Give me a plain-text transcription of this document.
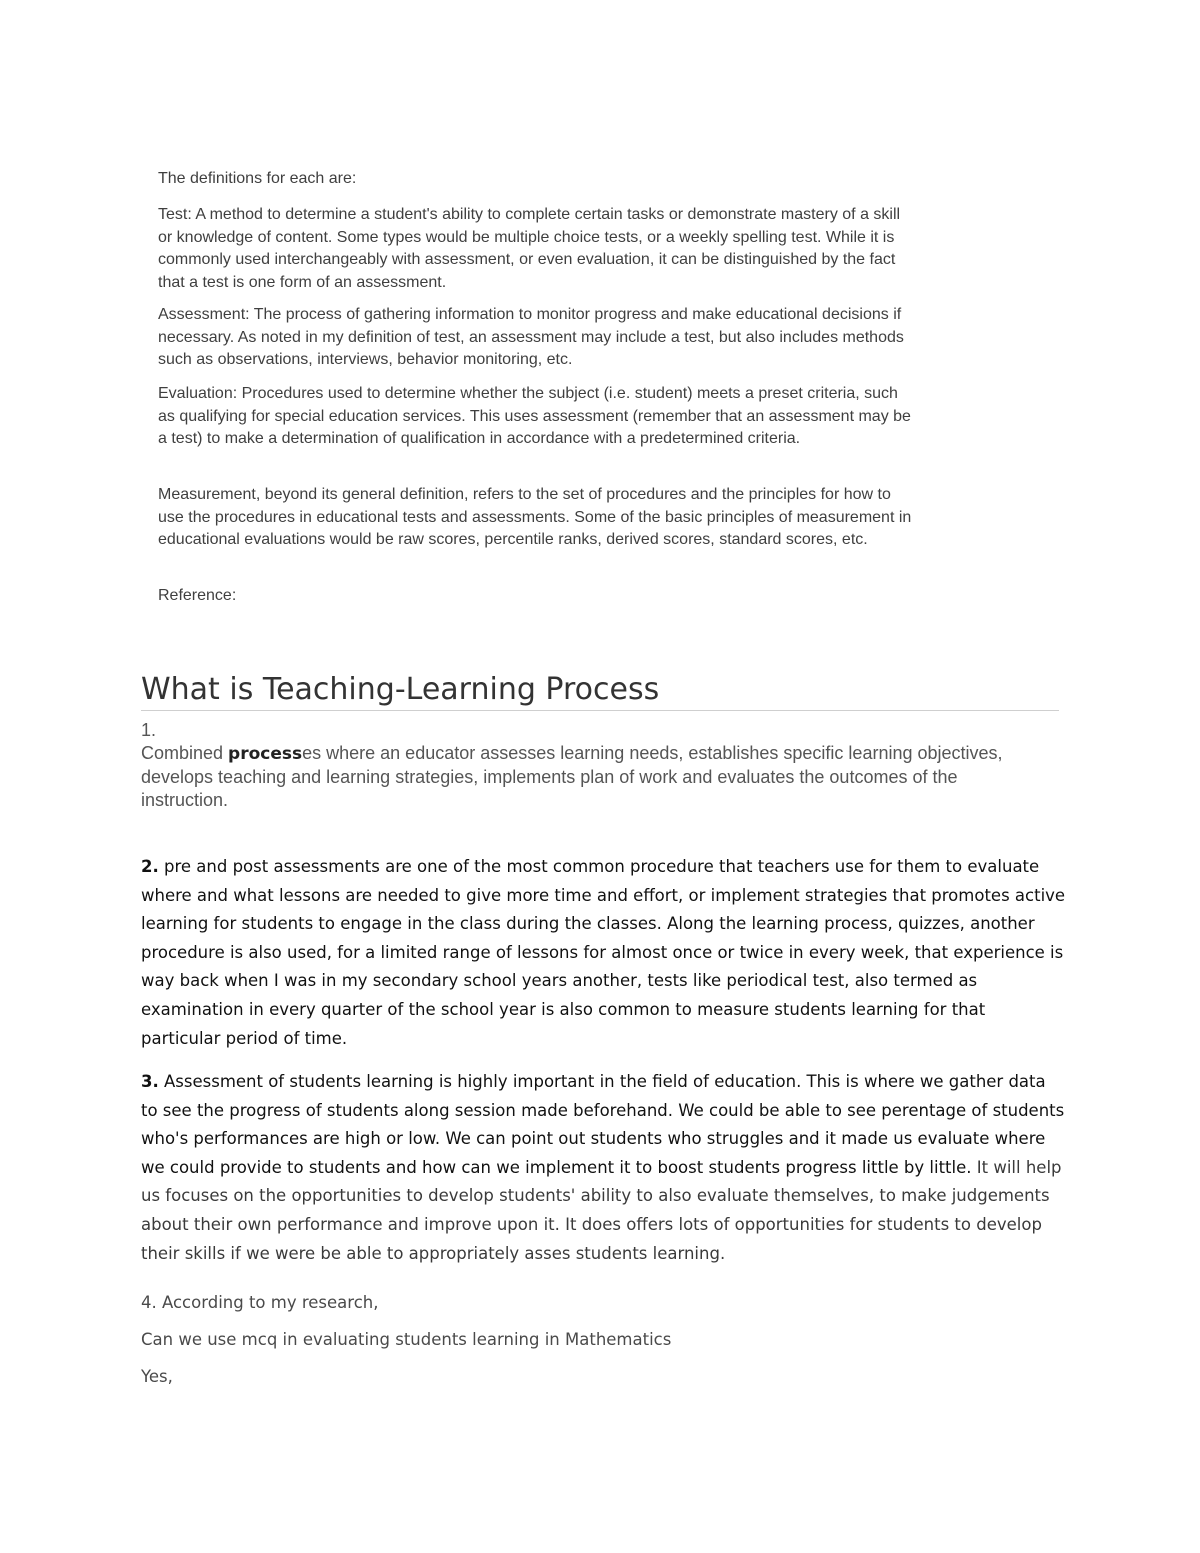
The definitions for each are:

Test: A method to determine a student's ability to complete certain tasks or demonstrate mastery of a skill or knowledge of content. Some types would be multiple choice tests, or a weekly spelling test. While it is commonly used interchangeably with assessment, or even evaluation, it can be distinguished by the fact that a test is one form of an assessment.

Assessment: The process of gathering information to monitor progress and make educational decisions if necessary. As noted in my definition of test, an assessment may include a test, but also includes methods such as observations, interviews, behavior monitoring, etc.

Evaluation: Procedures used to determine whether the subject (i.e. student) meets a preset criteria, such as qualifying for special education services. This uses assessment (remember that an assessment may be a test) to make a determination of qualification in accordance with a predetermined criteria.

Measurement, beyond its general definition, refers to the set of procedures and the principles for how to use the procedures in educational tests and assessments. Some of the basic principles of measurement in educational evaluations would be raw scores, percentile ranks, derived scores, standard scores, etc.

Reference:

What is Teaching-Learning Process
1.
Combined processes where an educator assesses learning needs, establishes specific learning objectives, develops teaching and learning strategies, implements plan of work and evaluates the outcomes of the instruction.

2. pre and post assessments are one of the most common procedure that teachers use for them to evaluate where and what lessons are needed to give more time and effort, or implement strategies that promotes active learning for students to engage in the class during the classes. Along the learning process, quizzes, another procedure is also used, for a limited range of lessons for almost once or twice in every week, that experience is way back when I was in my secondary school years another, tests like periodical test, also termed as examination in every quarter of the school year is also common to measure students learning for that particular period of time.

3. Assessment of students learning is highly important in the field of education. This is where we gather data to see the progress of students along session made beforehand. We could be able to see perentage of students who's performances are high or low. We can point out students who struggles and it made us evaluate where we could provide to students and how can we implement it to boost students progress little by little. It will help us focuses on the opportunities to develop students' ability to also evaluate themselves, to make judgements about their own performance and improve upon it. It does offers lots of opportunities for students to develop their skills if we were be able to appropriately asses students learning.

4. According to my research,

Can we use mcq in evaluating students learning in Mathematics

Yes,
